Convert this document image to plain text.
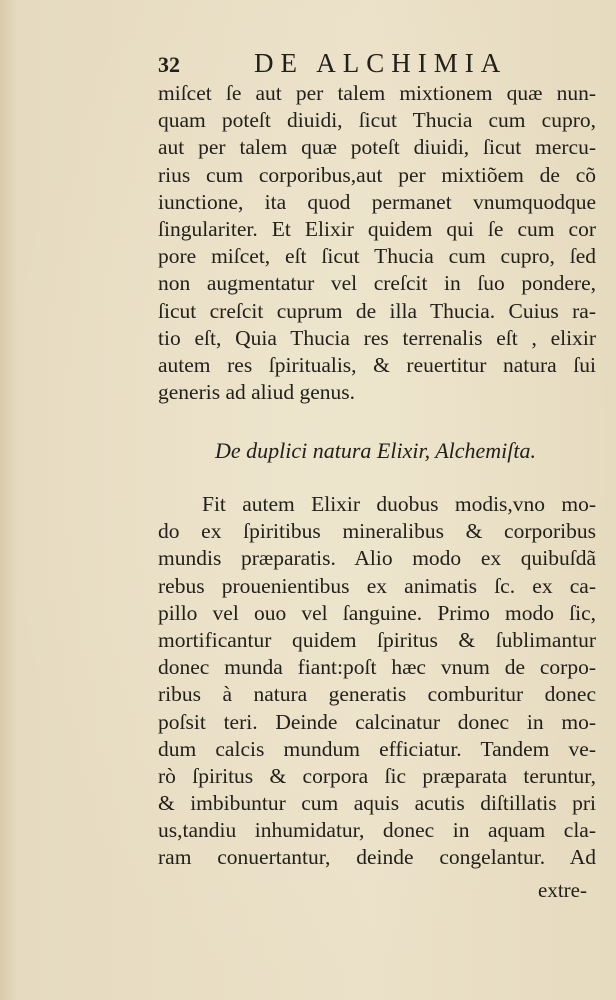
32	DE ALCHIMIA
miſcet ſe aut per talem mixtionem quæ nun-
quam poteſt diuidi, ſicut Thucia cum cupro,
aut per talem quæ poteſt diuidi, ſicut mercu-
rius cum corporibus,aut per mixtiõem de cõ
iunctione, ita quod permanet vnumquodque
ſingulariter. Et Elixir quidem qui ſe cum cor
pore miſcet, eſt ſicut Thucia cum cupro, ſed
non augmentatur vel creſcit in ſuo pondere,
ſicut creſcit cuprum de illa Thucia. Cuius ra-
tio eſt, Quia Thucia res terrenalis eſt , elixir
autem res ſpiritualis, & reuertitur natura ſui
generis ad aliud genus.
De duplici natura Elixir, Alchemiſta.
Fit autem Elixir duobus modis,vno mo-
do ex ſpiritibus mineralibus & corporibus
mundis præparatis. Alio modo ex quibuſdã
rebus prouenientibus ex animatis ſc. ex ca-
pillo vel ouo vel ſanguine. Primo modo ſic,
mortificantur quidem ſpiritus & ſublimantur
donec munda fiant:poſt hæc vnum de corpo-
ribus à natura generatis comburitur donec
poſsit teri. Deinde calcinatur donec in mo-
dum calcis mundum efficiatur. Tandem ve-
rò ſpiritus & corpora ſic præparata teruntur,
& imbibuntur cum aquis acutis diſtillatis pri
us,tandiu inhumidatur, donec in aquam cla-
ram conuertantur, deinde congelantur. Ad
extre-
